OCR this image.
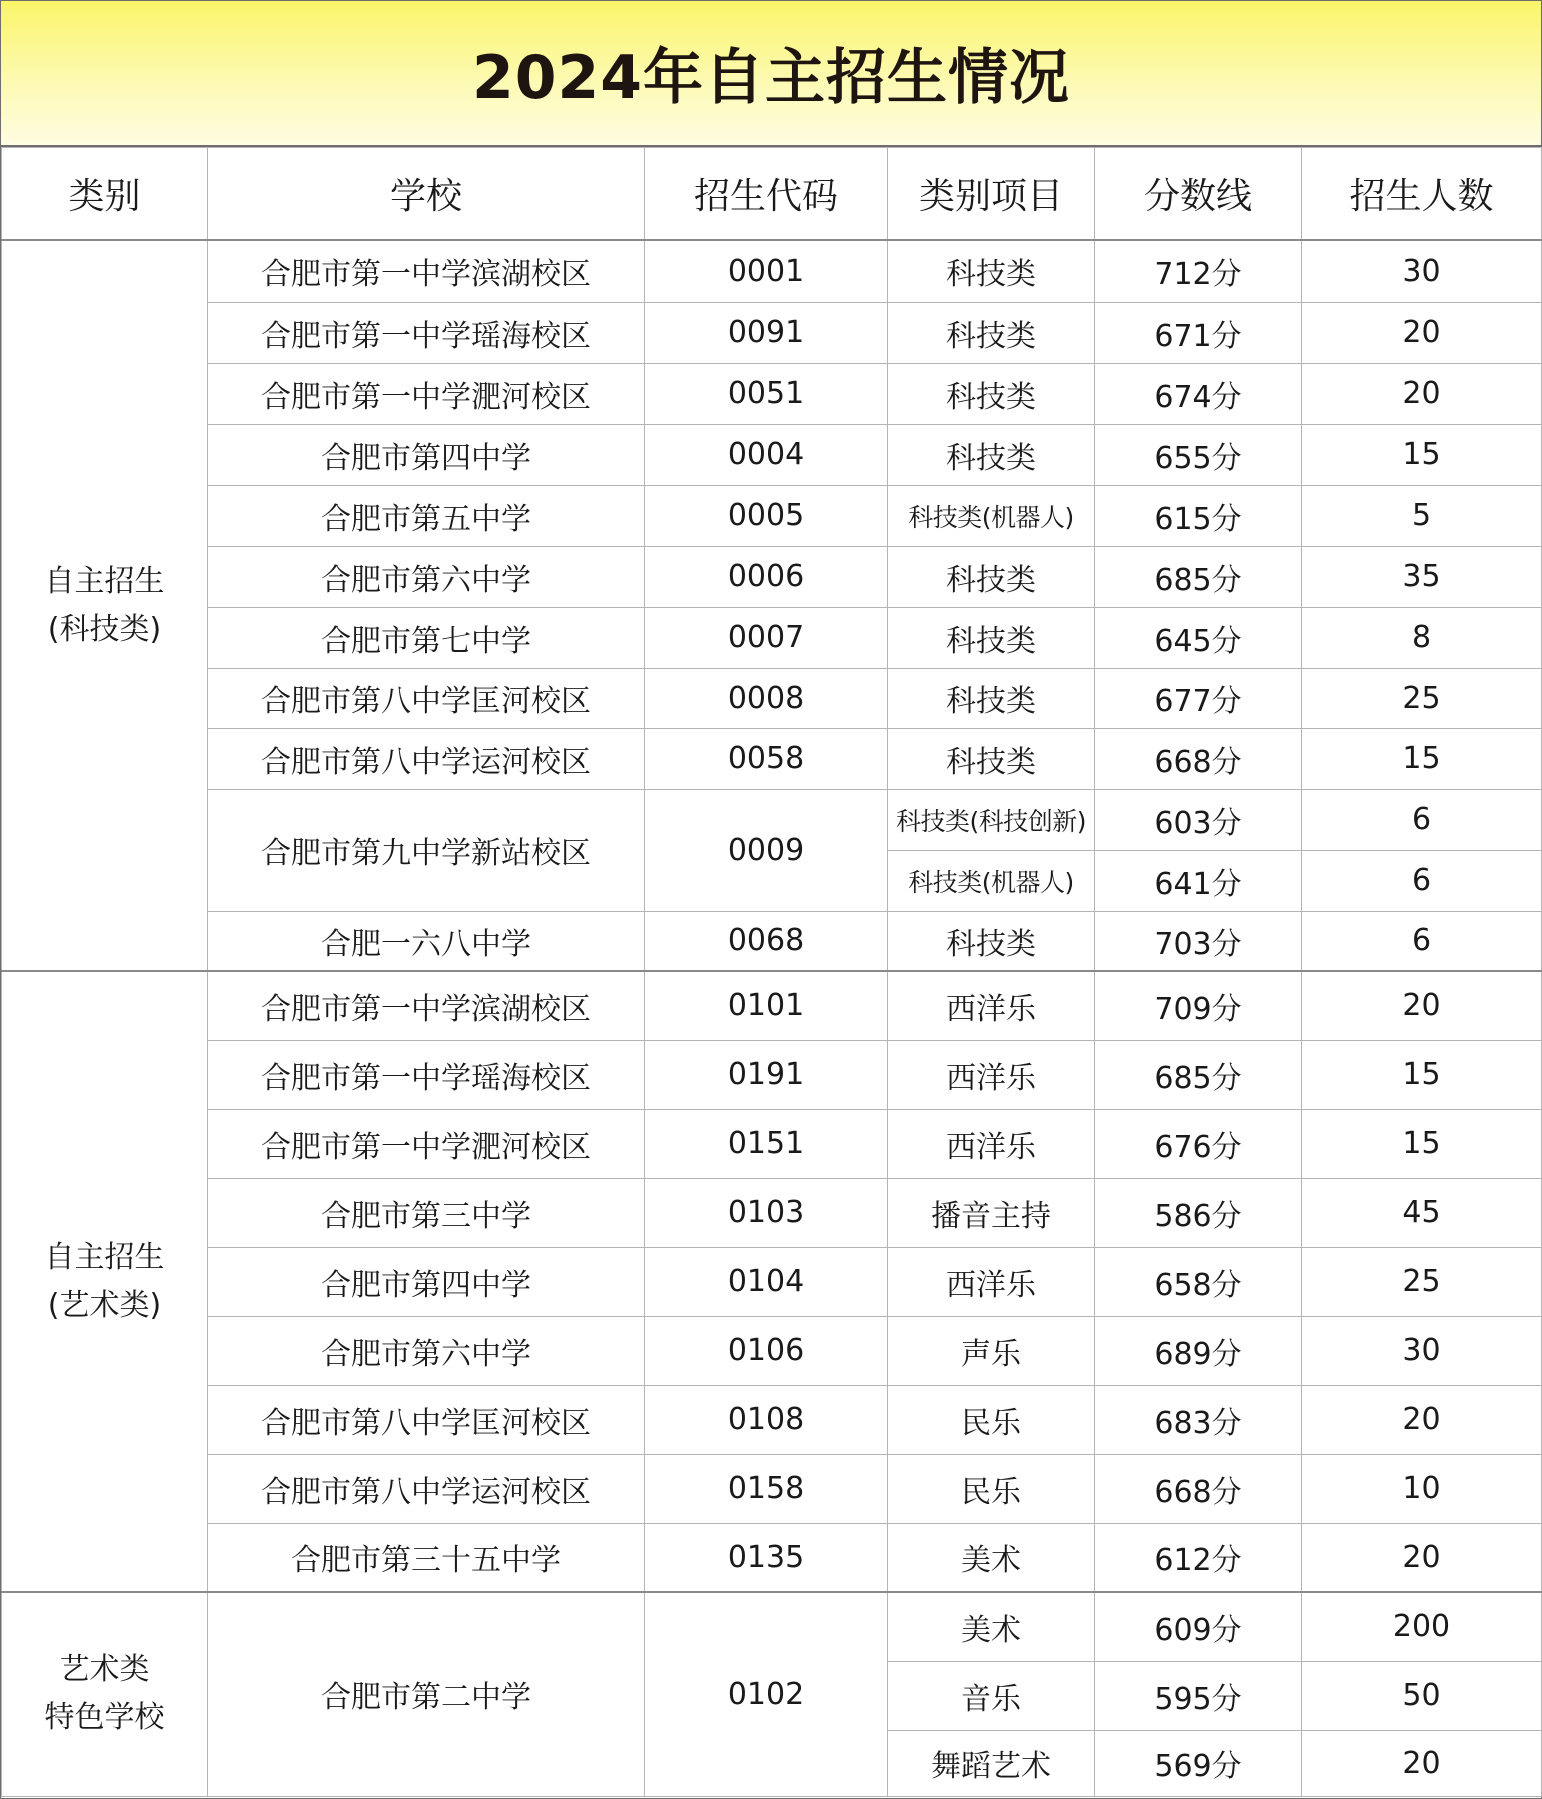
2024年自主招生情况
类别	学校	招生代码	类别项目	分数线	招生人数

自主招生
(科技类)	合肥市第一中学滨湖校区	0001	科技类	712分	30
	合肥市第一中学瑶海校区	0091	科技类	671分	20
	合肥市第一中学淝河校区	0051	科技类	674分	20
	合肥市第四中学	0004	科技类	655分	15
	合肥市第五中学	0005	科技类(机器人)	615分	5
	合肥市第六中学	0006	科技类	685分	35
	合肥市第七中学	0007	科技类	645分	8
	合肥市第八中学匡河校区	0008	科技类	677分	25
	合肥市第八中学运河校区	0058	科技类	668分	15
	合肥市第九中学新站校区	0009	科技类(科技创新)	603分	6
			科技类(机器人)	641分	6
	合肥一六八中学	0068	科技类	703分	6

自主招生
(艺术类)	合肥市第一中学滨湖校区	0101	西洋乐	709分	20
	合肥市第一中学瑶海校区	0191	西洋乐	685分	15
	合肥市第一中学淝河校区	0151	西洋乐	676分	15
	合肥市第三中学	0103	播音主持	586分	45
	合肥市第四中学	0104	西洋乐	658分	25
	合肥市第六中学	0106	声乐	689分	30
	合肥市第八中学匡河校区	0108	民乐	683分	20
	合肥市第八中学运河校区	0158	民乐	668分	10
	合肥市第三十五中学	0135	美术	612分	20

艺术类
特色学校	合肥市第二中学	0102	美术	609分	200
			音乐	595分	50
			舞蹈艺术	569分	20
